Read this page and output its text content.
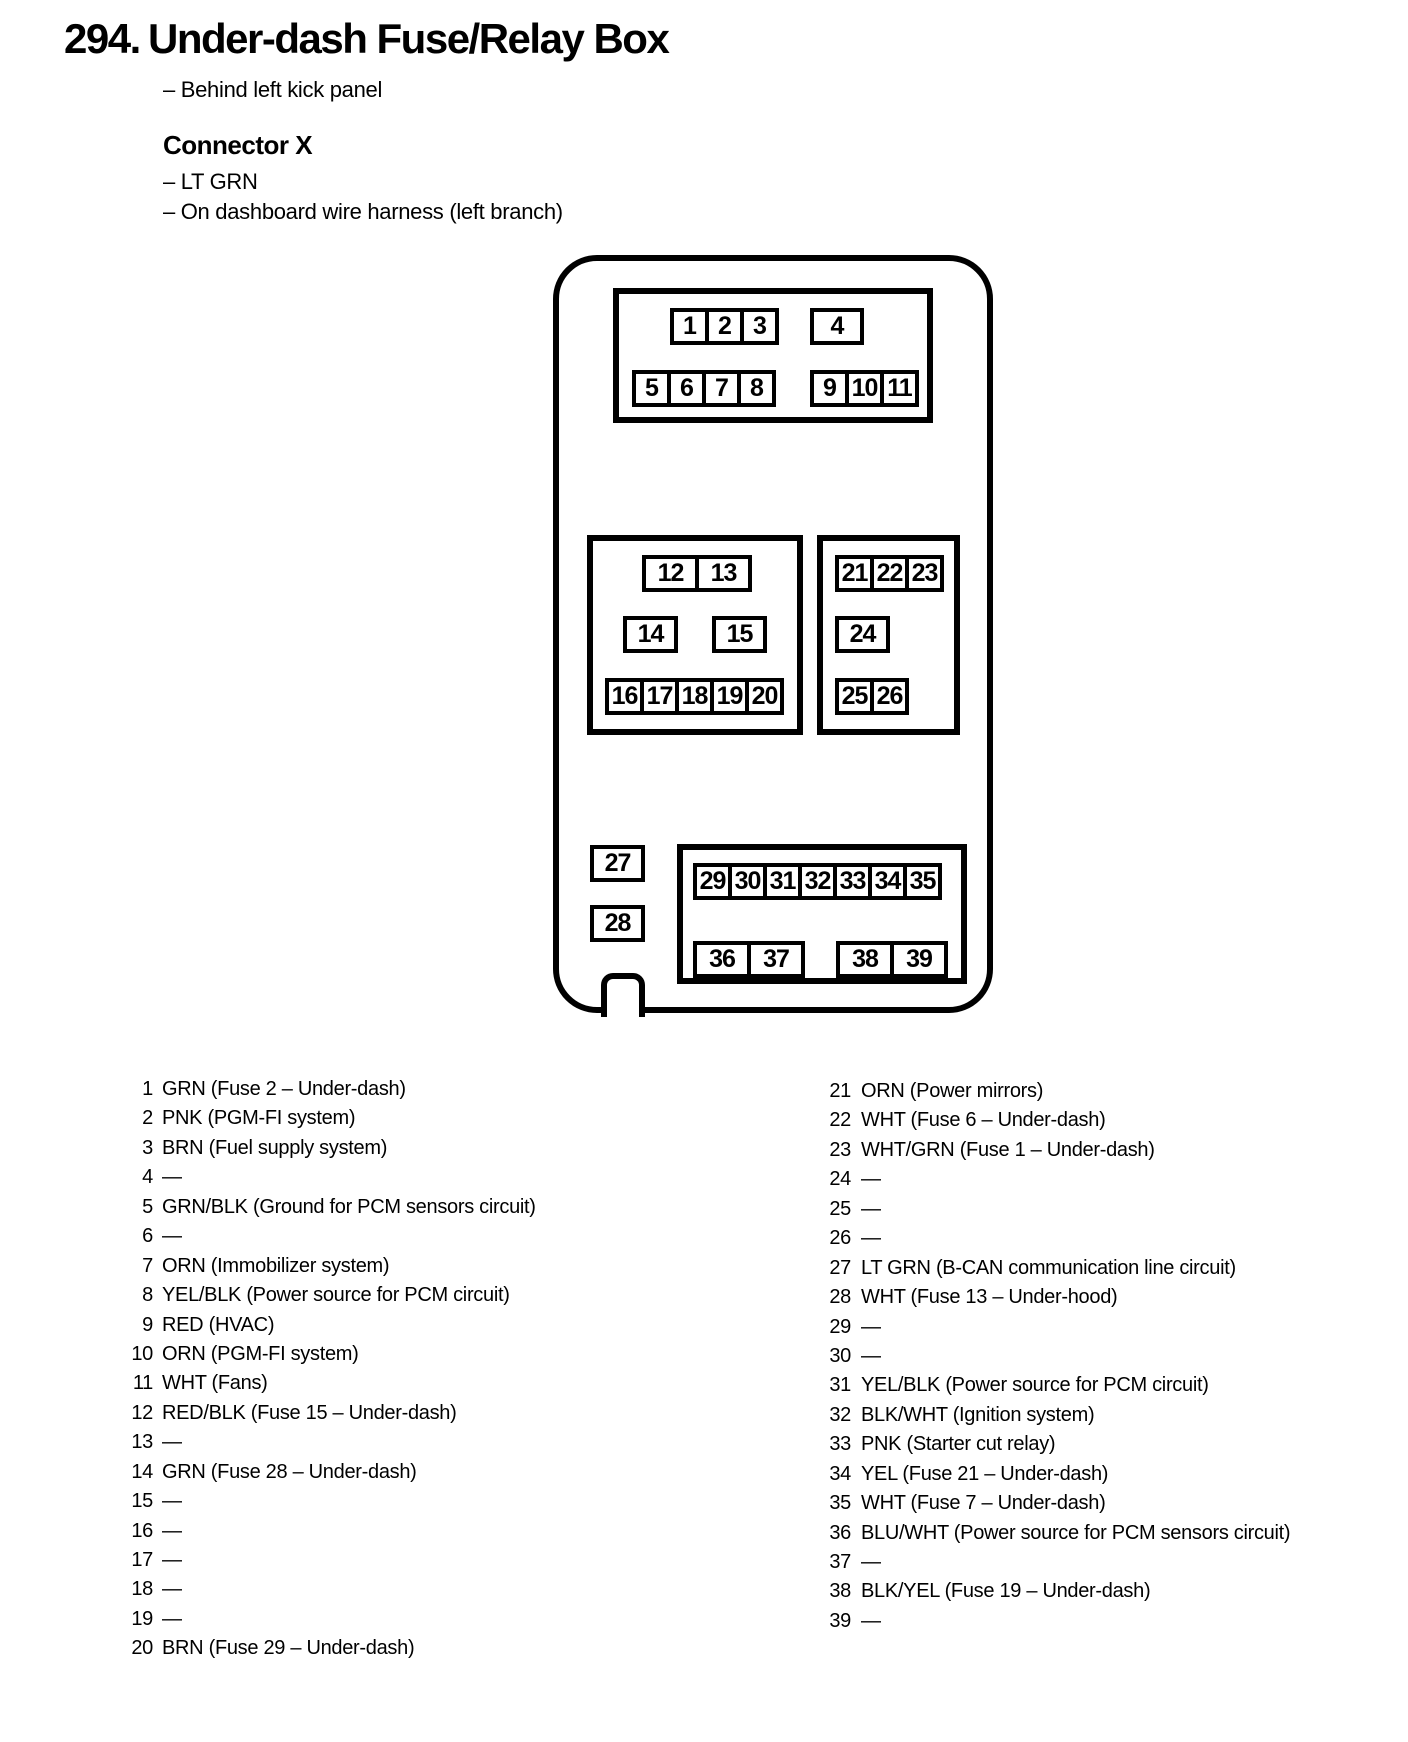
294. Under-dash Fuse/Relay Box
– Behind left kick panel
Connector X
– LT GRN
– On dashboard wire harness (left branch)
1 2 3	4
5 6 7 8	9 10 11
12	13
14	15
16 17 18 19 20
21 22 23
24
25 26
27
28
29 30 31 32 33 34 35
36	37	38	39
1 GRN (Fuse 2 – Under-dash)
2 PNK (PGM-FI system)
3 BRN (Fuel supply system)
4 —
5 GRN/BLK (Ground for PCM sensors circuit)
6 —
7 ORN (Immobilizer system)
8 YEL/BLK (Power source for PCM circuit)
9 RED (HVAC)
10 ORN (PGM-FI system)
11 WHT (Fans)
12 RED/BLK (Fuse 15 – Under-dash)
13 —
14 GRN (Fuse 28 – Under-dash)
15 —
16 —
17 —
18 —
19 —
20 BRN (Fuse 29 – Under-dash)
21 ORN (Power mirrors)
22 WHT (Fuse 6 – Under-dash)
23 WHT/GRN (Fuse 1 – Under-dash)
24 —
25 —
26 —
27 LT GRN (B-CAN communication line circuit)
28 WHT (Fuse 13 – Under-hood)
29 —
30 —
31 YEL/BLK (Power source for PCM circuit)
32 BLK/WHT (Ignition system)
33 PNK (Starter cut relay)
34 YEL (Fuse 21 – Under-dash)
35 WHT (Fuse 7 – Under-dash)
36 BLU/WHT (Power source for PCM sensors circuit)
37 —
38 BLK/YEL (Fuse 19 – Under-dash)
39 —
